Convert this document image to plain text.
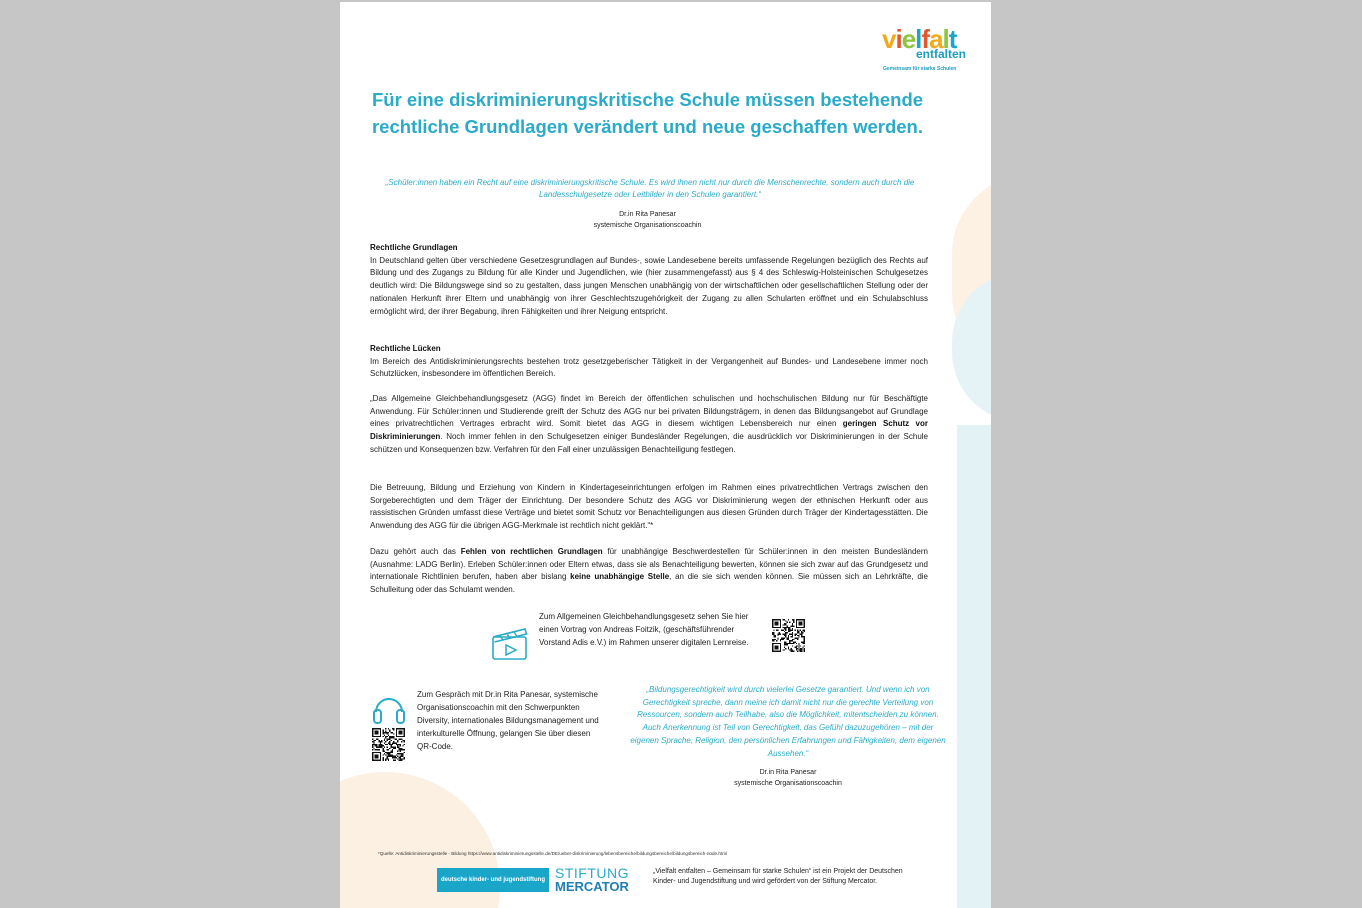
vielfalt
entfalten
Gemeinsam für starke Schulen
Für eine diskriminierungskritische Schule müssen bestehende rechtliche Grundlagen verändert und neue geschaffen werden.

„Schüler:innen haben ein Recht auf eine diskriminierungskritische Schule. Es wird ihnen nicht nur durch die Menschenrechte, sondern auch durch die Landesschulgesetze oder Leitbilder in den Schulen garantiert.“

Dr.in Rita Panesar
systemische Organisationscoachin
Rechtliche Grundlagen

In Deutschland gelten über verschiedene Gesetzesgrundlagen auf Bundes-, sowie Landesebene bereits umfassende Regelungen bezüglich des Rechts auf Bildung und des Zugangs zu Bildung für alle Kinder und Jugendlichen, wie (hier zusammengefasst) aus § 4 des Schleswig-Holsteinischen Schulgesetzes deutlich wird: Die Bildungswege sind so zu gestalten, dass jungen Menschen unabhängig von der wirtschaftlichen oder gesellschaftlichen Stellung oder der nationalen Herkunft ihrer Eltern und unabhängig von ihrer Geschlechtszugehörigkeit der Zugang zu allen Schularten eröffnet und ein Schulabschluss ermöglicht wird, der ihrer Begabung, ihren Fähigkeiten und ihrer Neigung entspricht.

Rechtliche Lücken

Im Bereich des Antidiskriminierungsrechts bestehen trotz gesetzgeberischer Tätigkeit in der Vergangenheit auf Bundes- und Landesebene immer noch Schutzlücken, insbesondere im öffentlichen Bereich.

„Das Allgemeine Gleichbehandlungsgesetz (AGG) findet im Bereich der öffentlichen schulischen und hochschulischen Bildung nur für Beschäftigte Anwendung. Für Schüler:innen und Studierende greift der Schutz des AGG nur bei privaten Bildungsträgern, in denen das Bildungsangebot auf Grundlage eines privatrechtlichen Vertrages erbracht wird. Somit bietet das AGG in diesem wichtigen Lebensbereich nur einen geringen Schutz vor Diskriminierungen. Noch immer fehlen in den Schulgesetzen einiger Bundesländer Regelungen, die ausdrücklich vor Diskriminierungen in der Schule schützen und Konsequenzen bzw. Verfahren für den Fall einer unzulässigen Benachteiligung festlegen.

Die Betreuung, Bildung und Erziehung von Kindern in Kindertageseinrichtungen erfolgen im Rahmen eines privatrechtlichen Vertrags zwischen den Sorgeberechtigten und dem Träger der Einrichtung. Der besondere Schutz des AGG vor Diskriminierung wegen der ethnischen Herkunft oder aus rassistischen Gründen umfasst diese Verträge und bietet somit Schutz vor Benachteiligungen aus diesen Gründen durch Träger der Kindertagesstätten. Die Anwendung des AGG für die übrigen AGG-Merkmale ist rechtlich nicht geklärt.“*

Dazu gehört auch das Fehlen von rechtlichen Grundlagen für unabhängige Beschwerdestellen für Schüler:innen in den meisten Bundesländern (Ausnahme: LADG Berlin). Erleben Schüler:innen oder Eltern etwas, dass sie als Benachteiligung bewerten, können sie sich zwar auf das Grundgesetz und internationale Richtlinien berufen, haben aber bislang keine unabhängige Stelle, an die sie sich wenden können. Sie müssen sich an Lehrkräfte, die Schulleitung oder das Schulamt wenden.

Zum Allgemeinen Gleichbehandlungsgesetz sehen Sie hier einen Vortrag von Andreas Foitzik, (geschäftsführender Vorstand Adis e.V.) im Rahmen unserer digitalen Lernreise.

Zum Gespräch mit Dr.in Rita Panesar, systemische Organisationscoachin mit den Schwerpunkten Diversity, internationales Bildungsmanagement und interkulturelle Öffnung, gelangen Sie über diesen QR-Code.

„Bildungsgerechtigkeit wird durch vielerlei Gesetze garantiert. Und wenn ich von Gerechtigkeit spreche, dann meine ich damit nicht nur die gerechte Verteilung von Ressourcen, sondern auch Teilhabe, also die Möglichkeit, mitentscheiden zu können. Auch Anerkennung ist Teil von Gerechtigkeit, das Gefühl dazuzugehören – mit der eigenen Sprache, Religion, den persönlichen Erfahrungen und Fähigkeiten, dem eigenen Aussehen.“

Dr.in Rita Panesar
systemische Organisationscoachin

*Quelle: Antidiskriminierungsstelle - Bildung https://www.antidiskriminierungsstelle.de/DE/ueber-diskriminierung/lebensbereiche/bildungsbereiche/bildungsbereich-node.html

deutsche kinder- und jugendstiftung STIFTUNG
MERCATOR

„Vielfalt entfalten – Gemeinsam für starke Schulen“ ist ein Projekt der Deutschen Kinder- und Jugendstiftung und wird gefördert von der Stiftung Mercator.
